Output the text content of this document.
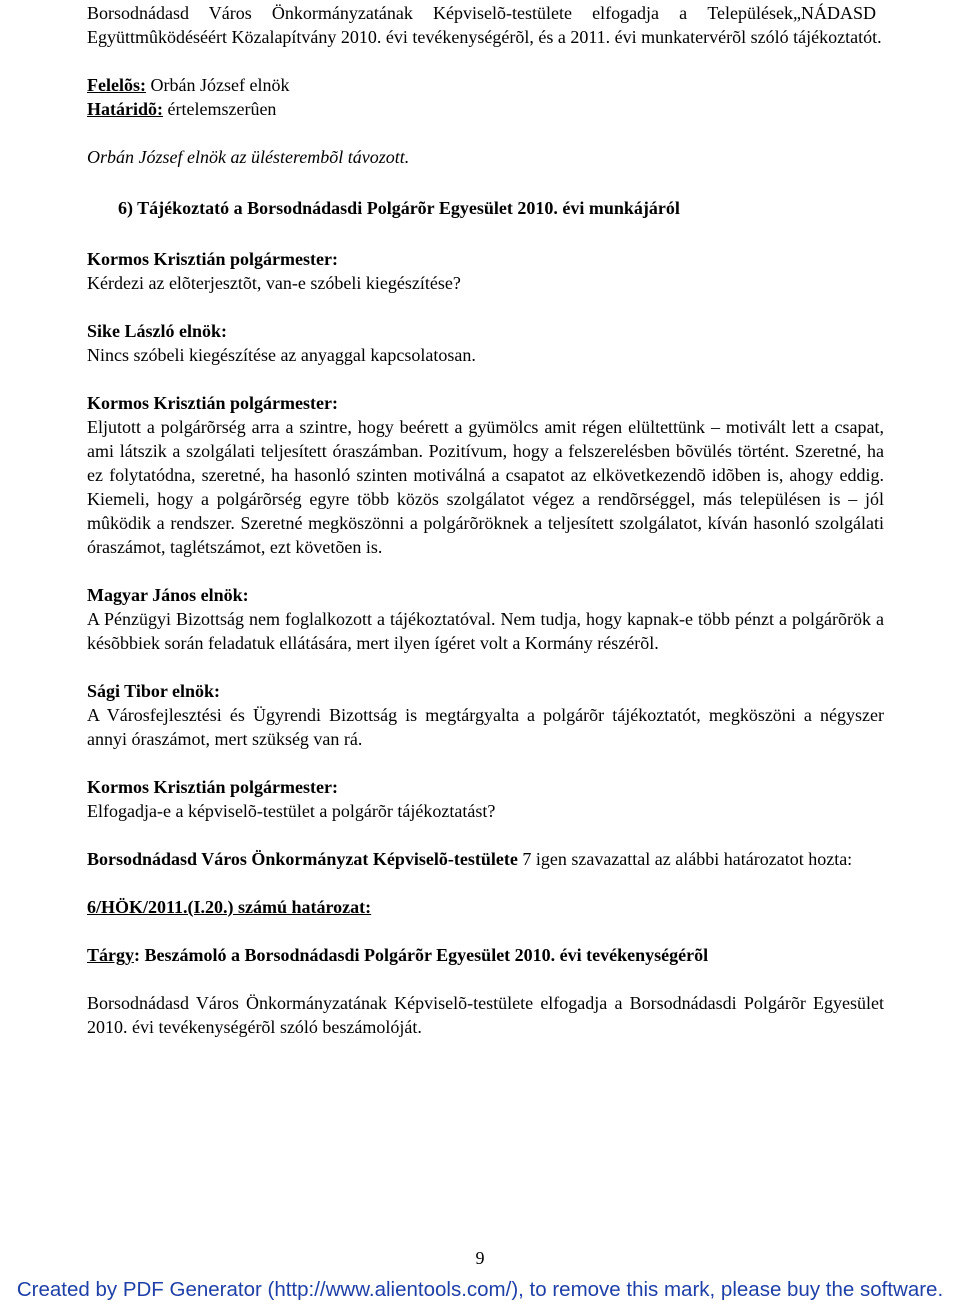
Borsodnádasd Város Önkormányzatának Képviselõ-testülete elfogadja a	„NÁDASD
Települések Együttmûködéséért Közalapítvány 2010. évi tevékenységérõl, és a 2011. évi munkatervérõl szóló tájékoztatót.

Felelõs: Orbán József elnök

Határidõ: értelemszerûen

Orbán József elnök az ülésterembõl távozott.

6) Tájékoztató a Borsodnádasdi Polgárõr Egyesület 2010. évi munkájáról

Kormos Krisztián polgármester:

Kérdezi az elõterjesztõt, van-e szóbeli kiegészítése?

Sike László elnök:

Nincs szóbeli kiegészítése az anyaggal kapcsolatosan.

Kormos Krisztián polgármester:

Eljutott a polgárõrség arra a szintre, hogy beérett a gyümölcs amit régen elültettünk – motivált lett a csapat, ami látszik a szolgálati teljesített óraszámban. Pozitívum, hogy a felszerelésben bõvülés történt. Szeretné, ha ez folytatódna, szeretné, ha hasonló szinten motiválná a csapatot az elkövetkezendõ idõben is, ahogy eddig. Kiemeli, hogy a polgárõrség egyre több közös szolgálatot végez a rendõrséggel, más településen is – jól mûködik a rendszer. Szeretné megköszönni a polgárõröknek a teljesített szolgálatot, kíván hasonló szolgálati óraszámot, taglétszámot, ezt követõen is.

Magyar János elnök:

A Pénzügyi Bizottság nem foglalkozott a tájékoztatóval. Nem tudja, hogy kapnak-e több pénzt a polgárõrök a késõbbiek során feladatuk ellátására, mert ilyen ígéret volt a Kormány részérõl.

Sági Tibor elnök:

A Városfejlesztési és Ügyrendi Bizottság is megtárgyalta a polgárõr tájékoztatót, megköszöni a négyszer annyi óraszámot, mert szükség van rá.

Kormos Krisztián polgármester:

Elfogadja-e a képviselõ-testület a polgárõr tájékoztatást?

Borsodnádasd Város Önkormányzat Képviselõ-testülete 7 igen szavazattal az alábbi határozatot hozta:

6/HÖK/2011.(I.20.) számú határozat:

Tárgy: Beszámoló a Borsodnádasdi Polgárõr Egyesület 2010. évi tevékenységérõl

Borsodnádasd Város Önkormányzatának Képviselõ-testülete elfogadja a Borsodnádasdi Polgárõr Egyesület 2010. évi tevékenységérõl szóló beszámolóját.

9
Created by PDF Generator (http://www.alientools.com/), to remove this mark, please buy the software.
